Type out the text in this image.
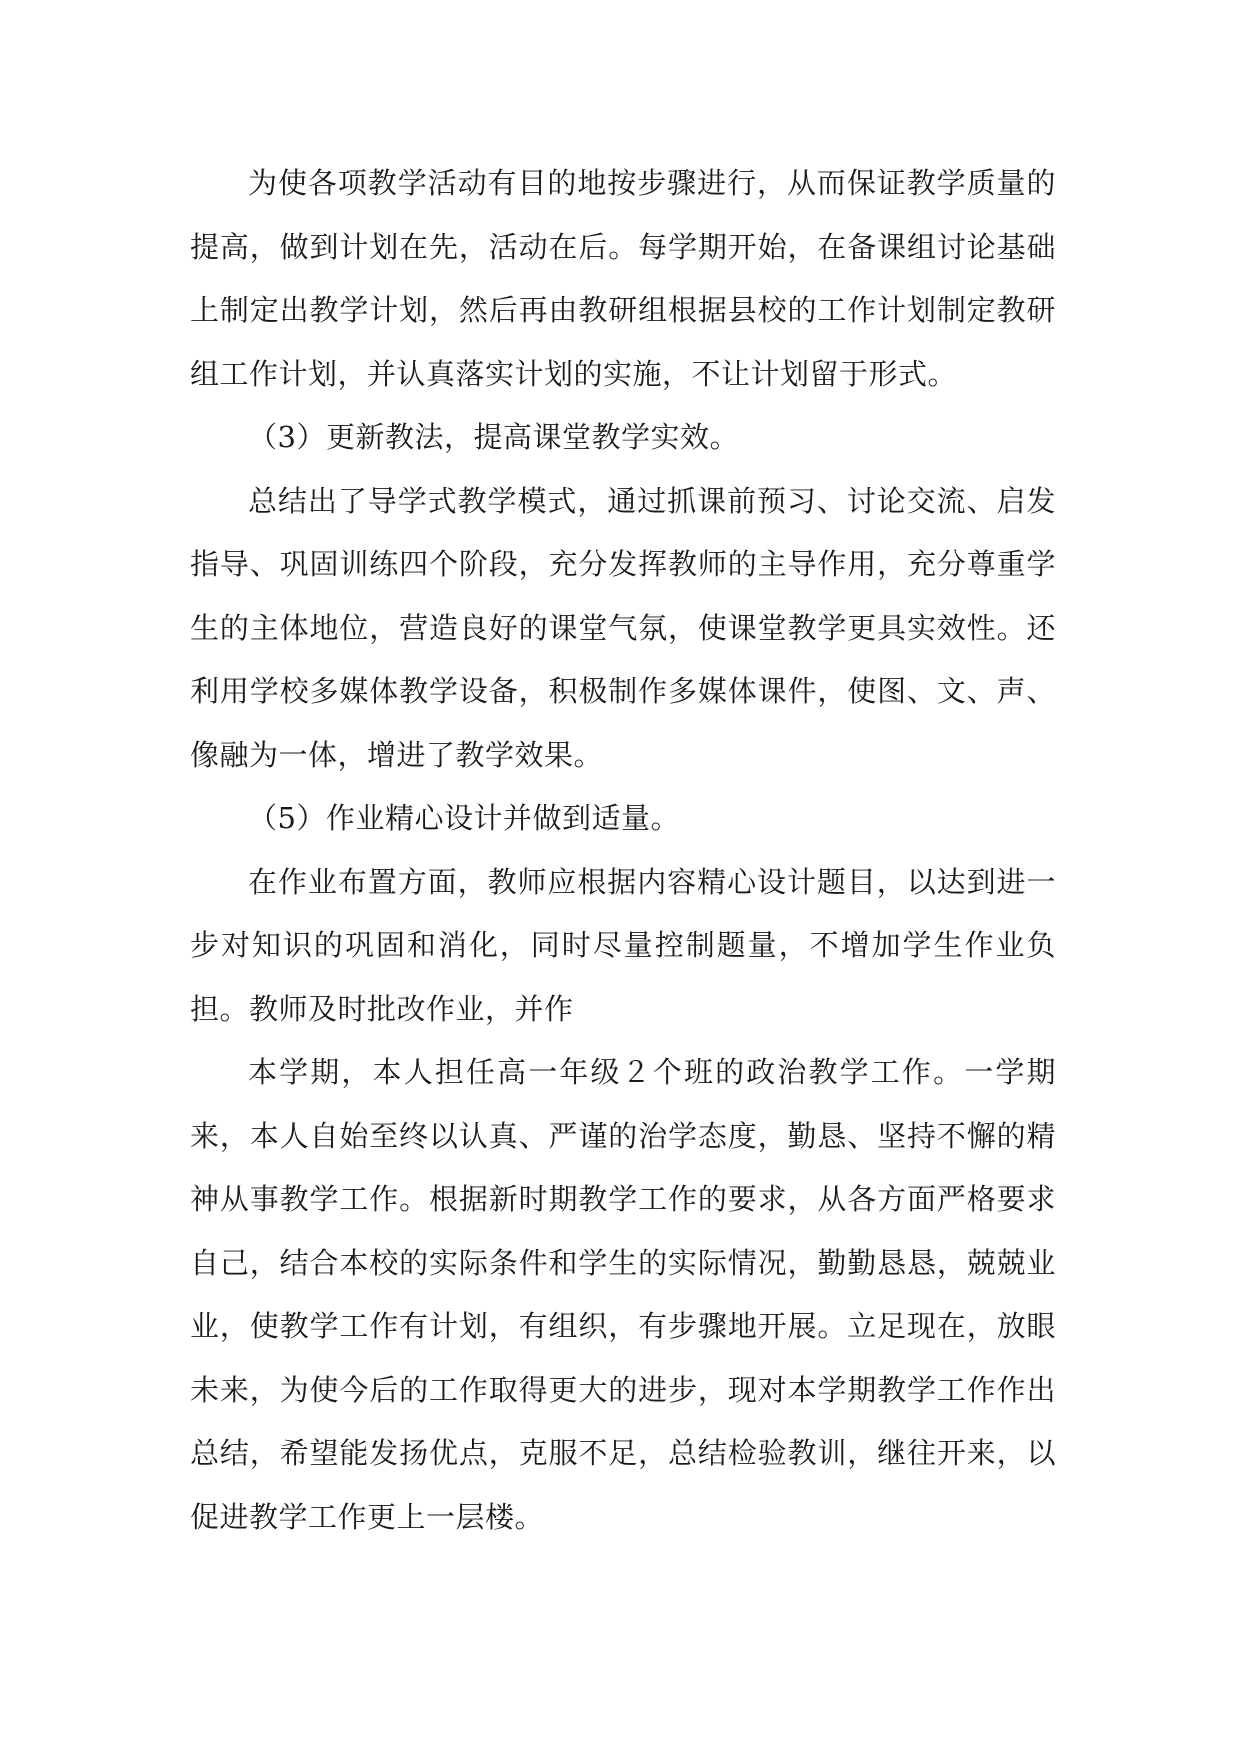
为使各项教学活动有目的地按步骤进行，从而保证教学质量的提高，做到计划在先，活动在后。每学期开始，在备课组讨论基础上制定出教学计划，然后再由教研组根据县校的工作计划制定教研组工作计划，并认真落实计划的实施，不让计划留于形式。

（3）更新教法，提高课堂教学实效。

总结出了导学式教学模式，通过抓课前预习、讨论交流、启发指导、巩固训练四个阶段，充分发挥教师的主导作用，充分尊重学生的主体地位，营造良好的课堂气氛，使课堂教学更具实效性。还利用学校多媒体教学设备，积极制作多媒体课件，使图、文、声、像融为一体，增进了教学效果。

（5）作业精心设计并做到适量。

在作业布置方面，教师应根据内容精心设计题目，以达到进一步对知识的巩固和消化，同时尽量控制题量，不增加学生作业负担。教师及时批改作业，并作

本学期，本人担任高一年级２个班的政治教学工作。一学期来，本人自始至终以认真、严谨的治学态度，勤恳、坚持不懈的精神从事教学工作。根据新时期教学工作的要求，从各方面严格要求自己，结合本校的实际条件和学生的实际情况，勤勤恳恳，兢兢业业，使教学工作有计划，有组织，有步骤地开展。立足现在，放眼未来，为使今后的工作取得更大的进步，现对本学期教学工作作出总结，希望能发扬优点，克服不足，总结检验教训，继往开来，以促进教学工作更上一层楼。
